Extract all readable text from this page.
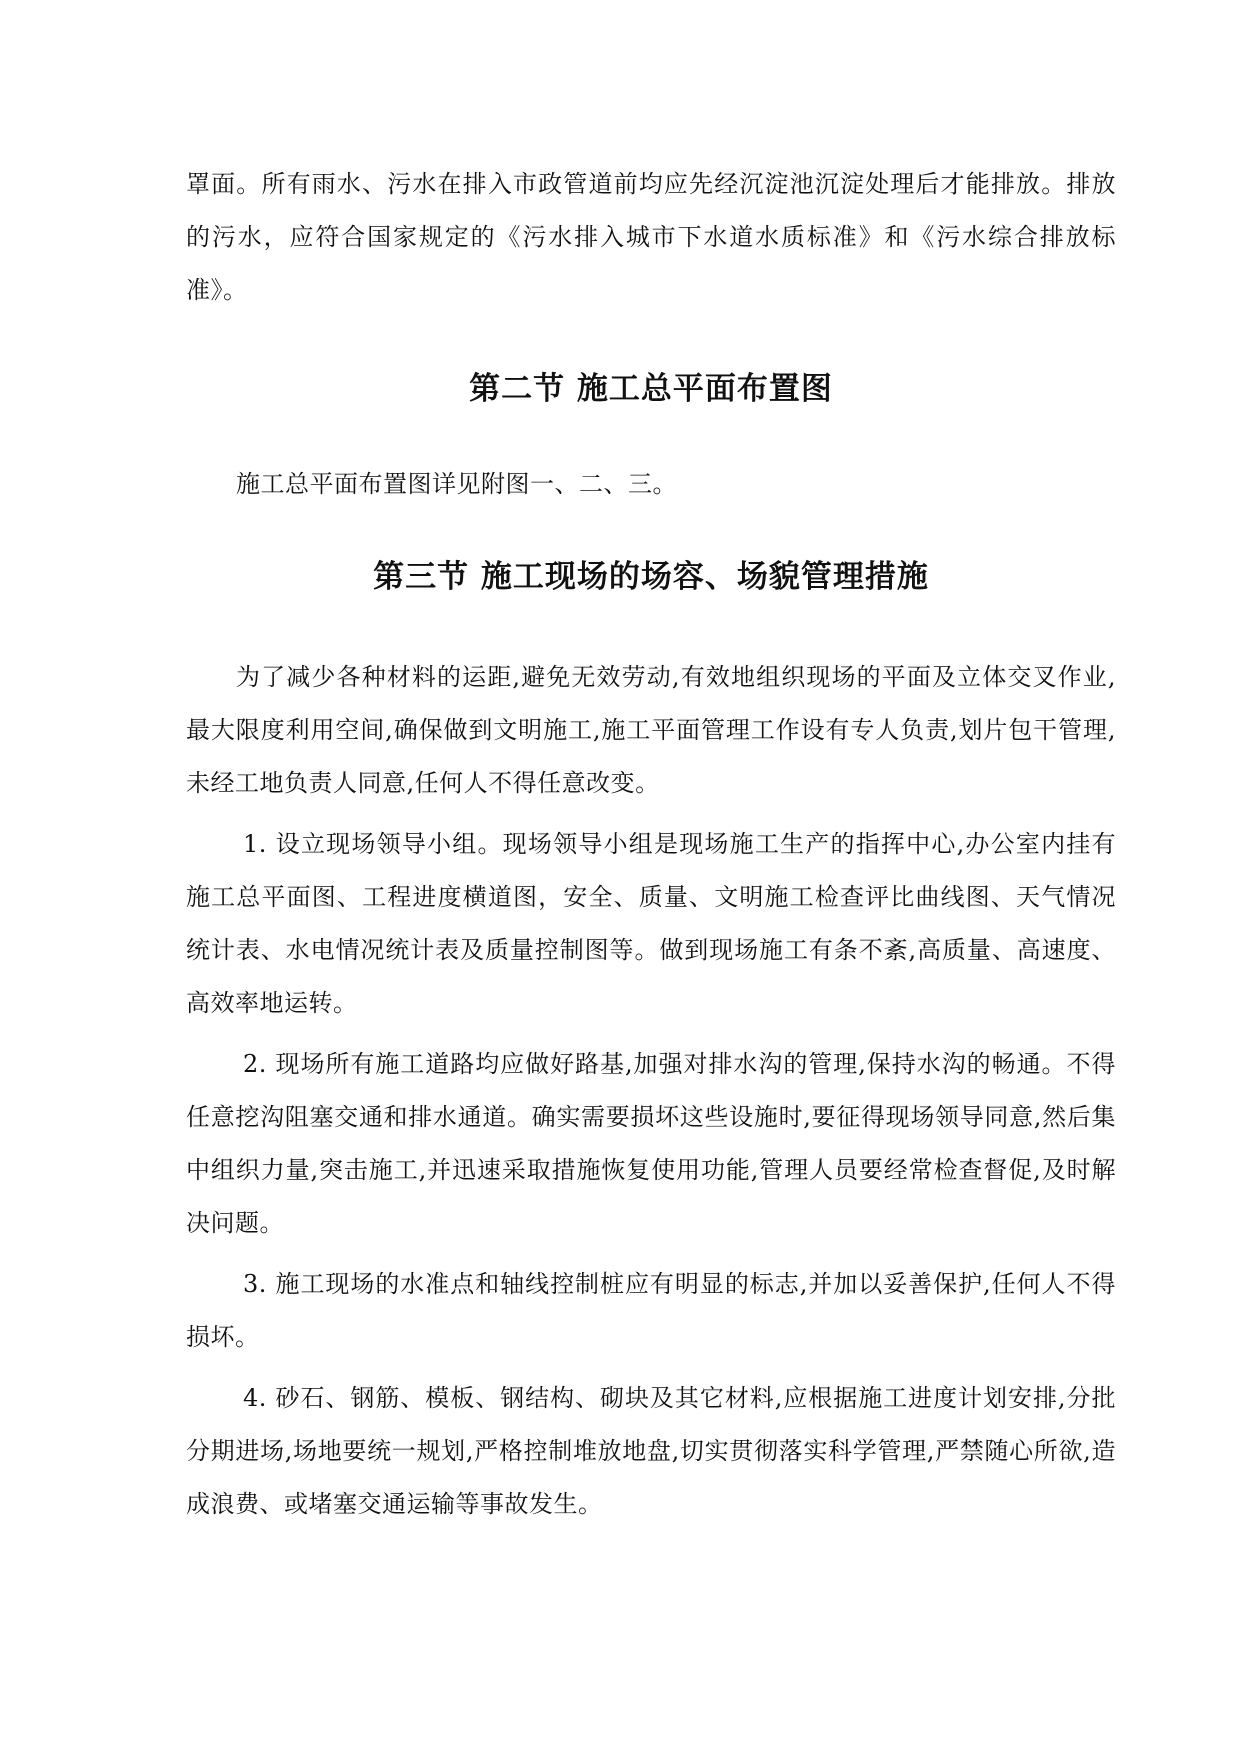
罩面。所有雨水、污水在排入市政管道前均应先经沉淀池沉淀处理后才能排放。排放的污水，应符合国家规定的《污水排入城市下水道水质标准》和《污水综合排放标准》。

第二节 施工总平面布置图

施工总平面布置图详见附图一、二、三。

第三节 施工现场的场容、场貌管理措施

为了减少各种材料的运距,避免无效劳动,有效地组织现场的平面及立体交叉作业,最大限度利用空间,确保做到文明施工,施工平面管理工作设有专人负责,划片包干管理,未经工地负责人同意,任何人不得任意改变。

1. 设立现场领导小组。现场领导小组是现场施工生产的指挥中心,办公室内挂有施工总平面图、工程进度横道图，安全、质量、文明施工检查评比曲线图、天气情况统计表、水电情况统计表及质量控制图等。做到现场施工有条不紊,高质量、高速度、高效率地运转。

2. 现场所有施工道路均应做好路基,加强对排水沟的管理,保持水沟的畅通。不得任意挖沟阻塞交通和排水通道。确实需要损坏这些设施时,要征得现场领导同意,然后集中组织力量,突击施工,并迅速采取措施恢复使用功能,管理人员要经常检查督促,及时解决问题。

3. 施工现场的水准点和轴线控制桩应有明显的标志,并加以妥善保护,任何人不得损坏。

4. 砂石、钢筋、模板、钢结构、砌块及其它材料,应根据施工进度计划安排,分批分期进场,场地要统一规划,严格控制堆放地盘,切实贯彻落实科学管理,严禁随心所欲,造成浪费、或堵塞交通运输等事故发生。
